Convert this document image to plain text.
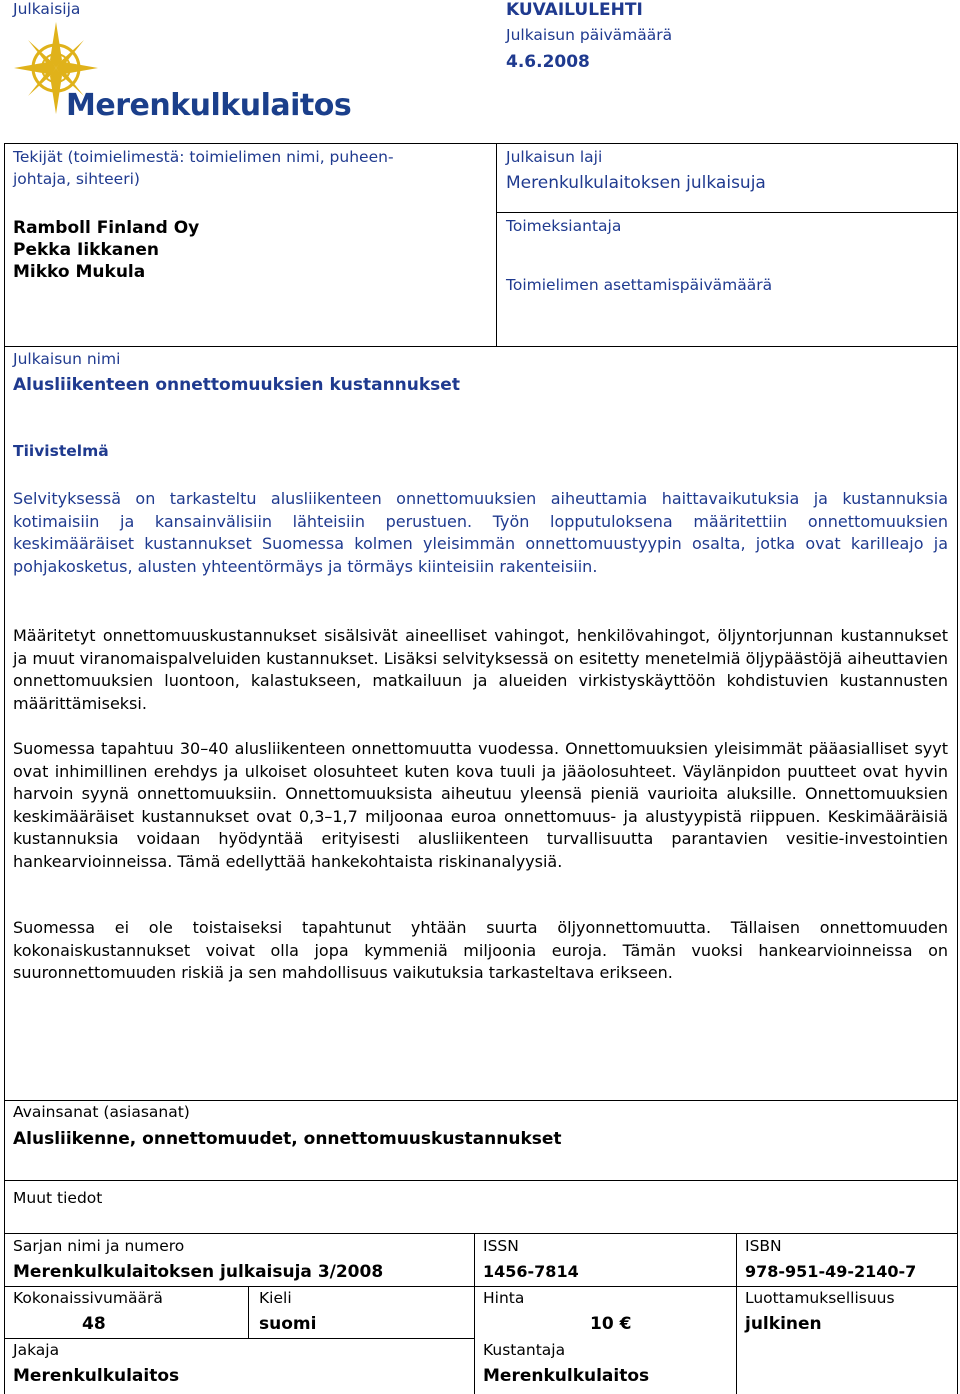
Julkaisija
Merenkulkulaitos
KUVAILULEHTI
Julkaisun päivämäärä
4.6.2008
Tekijät (toimielimestä: toimielimen nimi, puheen-
johtaja, sihteeri)
Ramboll Finland Oy
Pekka Iikkanen
Mikko Mukula
Julkaisun laji
Merenkulkulaitoksen julkaisuja
Toimeksiantaja
Toimielimen asettamispäivämäärä
Julkaisun nimi
Alusliikenteen onnettomuuksien kustannukset
Tiivistelmä
Selvityksessä on tarkasteltu alusliikenteen onnettomuuksien aiheuttamia haittavaikutuksia ja kustannuksia kotimaisiin ja kansainvälisiin lähteisiin perustuen. Työn lopputuloksena määritettiin onnettomuuksien keskimääräiset kustannukset Suomessa kolmen yleisimmän onnettomuustyypin osalta, jotka ovat karilleajo ja pohjakosketus, alusten yhteentörmäys ja törmäys kiinteisiin rakenteisiin.
Määritetyt onnettomuuskustannukset sisälsivät aineelliset vahingot, henkilövahingot, öljyntorjunnan kustannukset ja muut viranomaispalveluiden kustannukset. Lisäksi selvityksessä on esitetty menetelmiä öljypäästöjä aiheuttavien onnettomuuksien luontoon, kalastukseen, matkailuun ja alueiden virkistyskäyttöön kohdistuvien kustannusten määrittämiseksi.
Suomessa tapahtuu 30–40 alusliikenteen onnettomuutta vuodessa. Onnettomuuksien yleisimmät pääasialliset syyt ovat inhimillinen erehdys ja ulkoiset olosuhteet kuten kova tuuli ja jääolosuhteet. Väylänpidon puutteet ovat hyvin harvoin syynä onnettomuuksiin. Onnettomuuksista aiheutuu yleensä pieniä vaurioita aluksille. Onnettomuuksien keskimääräiset kustannukset ovat 0,3–1,7 miljoonaa euroa onnettomuus- ja alustyypistä riippuen. Keskimääräisiä kustannuksia voidaan hyödyntää erityisesti alusliikenteen turvallisuutta parantavien vesitie-investointien hankearvioinneissa. Tämä edellyttää hankekohtaista riskinanalyysiä.
Suomessa ei ole toistaiseksi tapahtunut yhtään suurta öljyonnettomuutta. Tällaisen onnettomuuden kokonaiskustannukset voivat olla jopa kymmeniä miljoonia euroja. Tämän vuoksi hankearvioinneissa on suuronnettomuuden riskiä ja sen mahdollisuus vaikutuksia tarkasteltava erikseen.
Avainsanat (asiasanat)
Alusliikenne, onnettomuudet, onnettomuuskustannukset
Muut tiedot
Sarjan nimi ja numero
Merenkulkulaitoksen julkaisuja 3/2008
ISSN
1456-7814
ISBN
978-951-49-2140-7
Kokonaissivumäärä
48
Kieli
suomi
Hinta
10 €
Luottamuksellisuus
julkinen
Jakaja
Merenkulkulaitos
Kustantaja
Merenkulkulaitos
